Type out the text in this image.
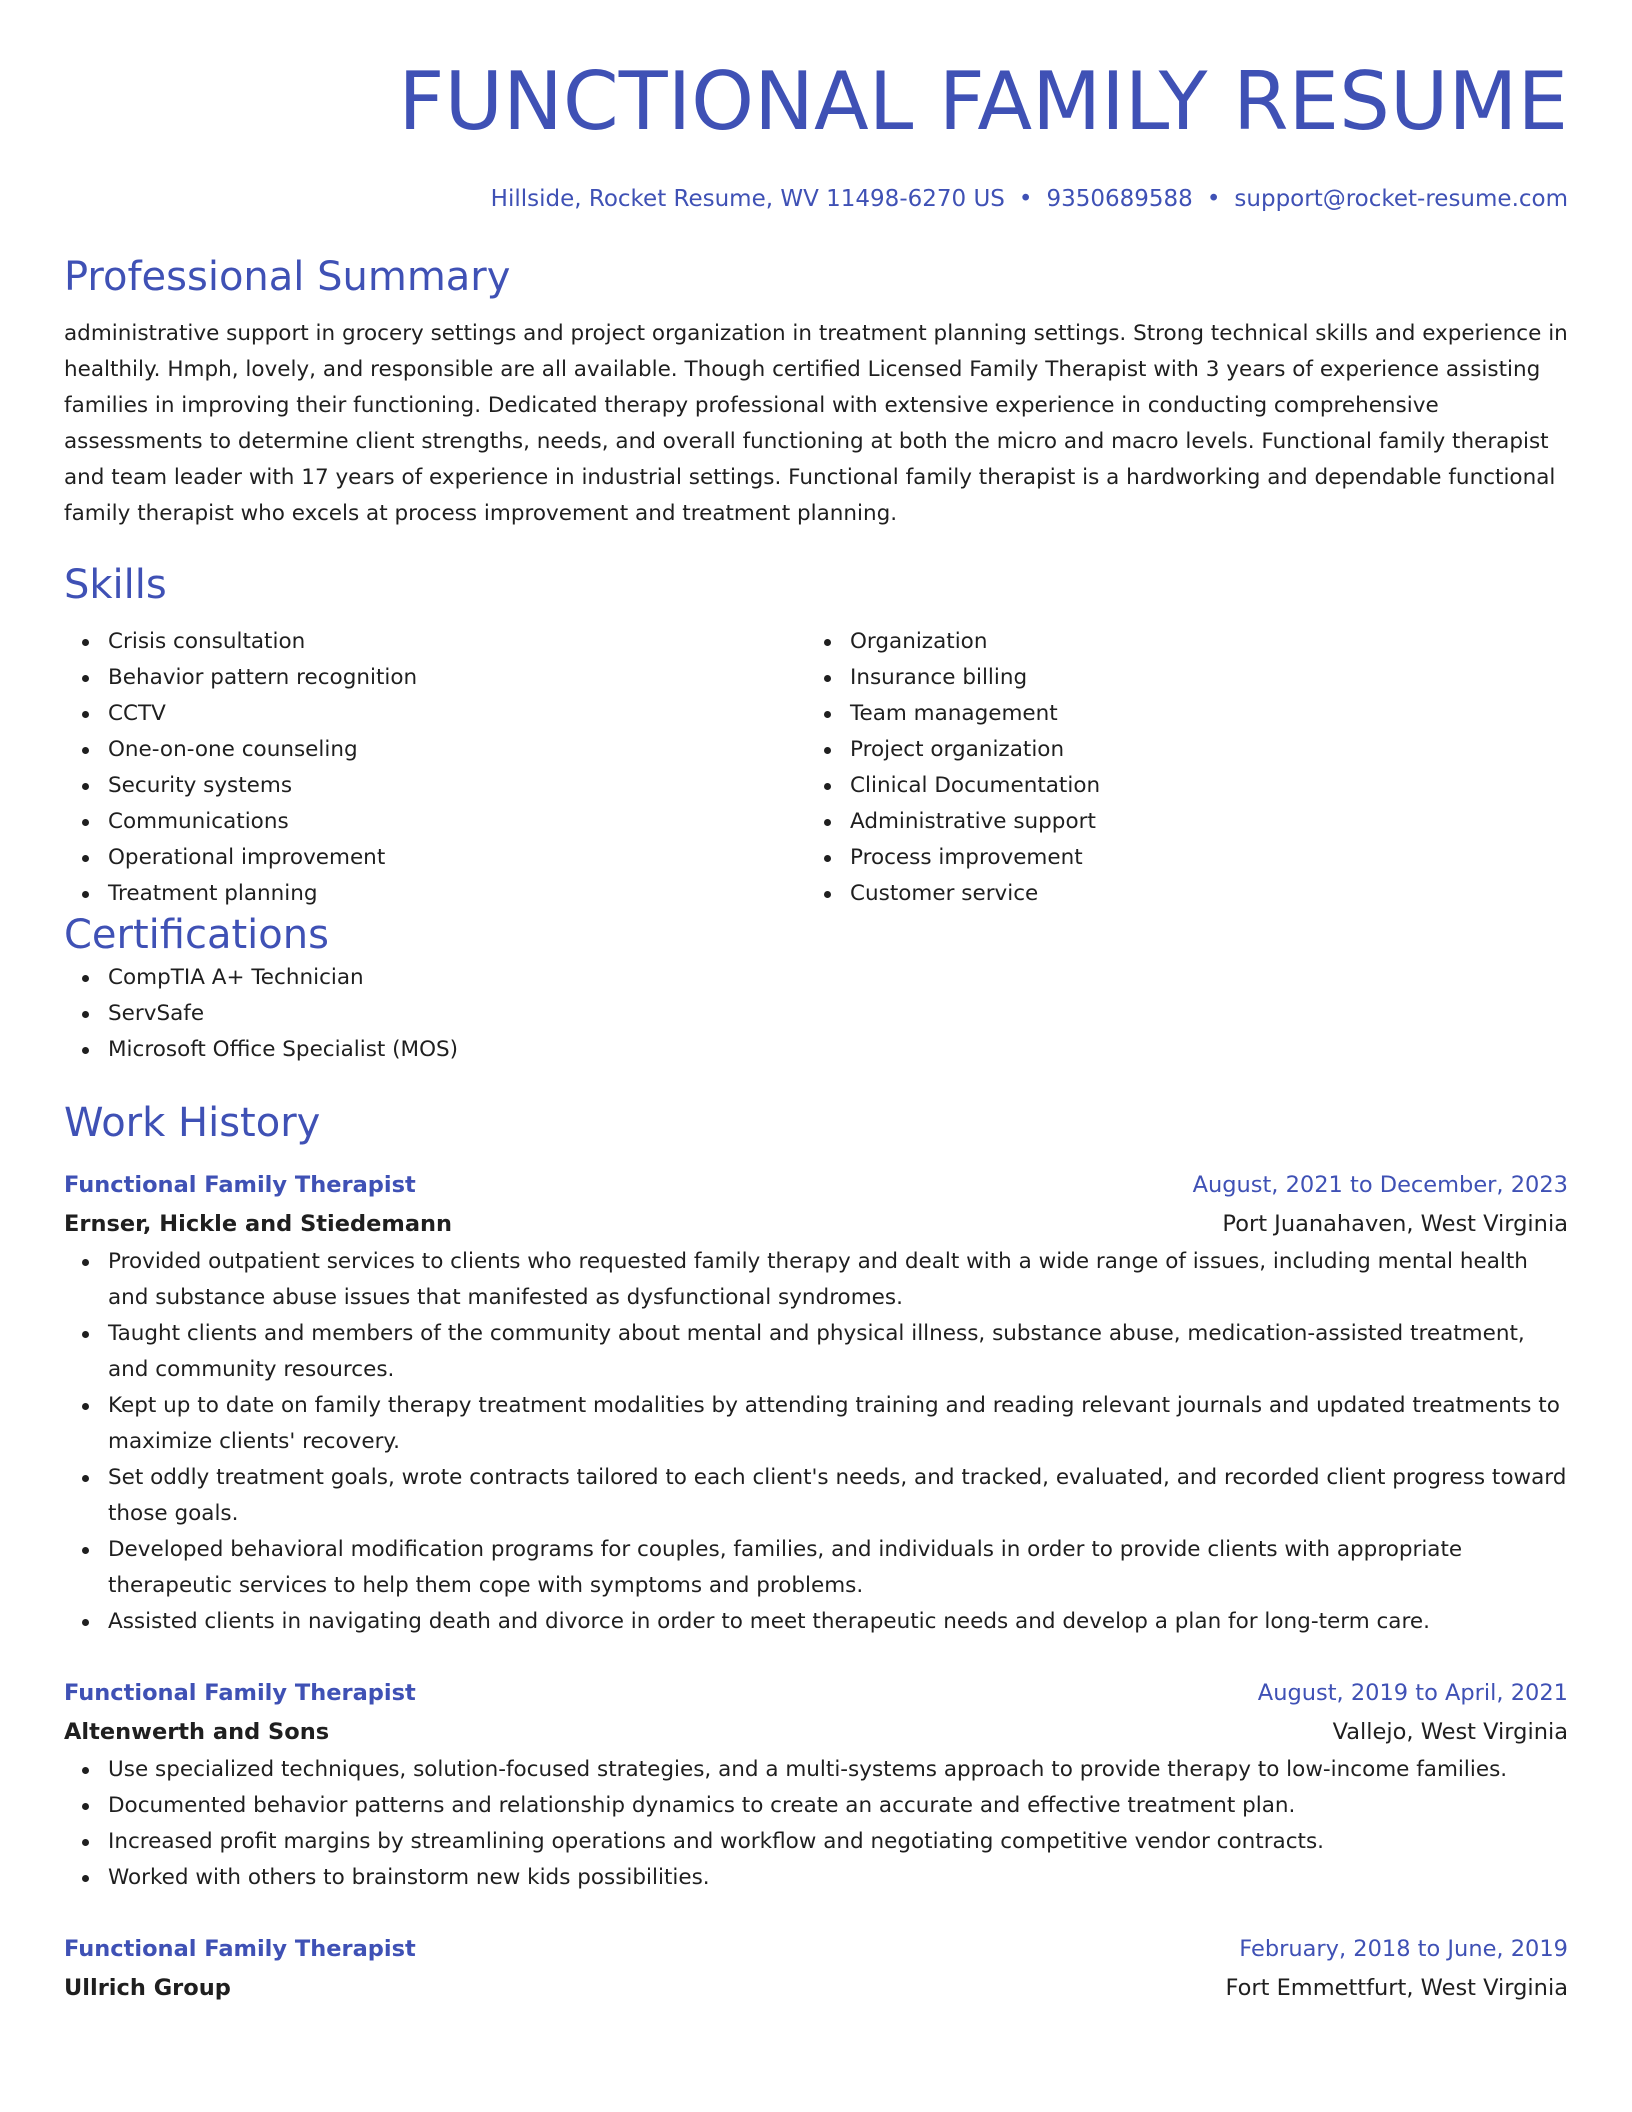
FUNCTIONAL FAMILY RESUME
Hillside, Rocket Resume, WV 11498-6270 US • 9350689588 • support@rocket-resume.com
Professional Summary

administrative support in grocery settings and project organization in treatment planning settings. Strong technical skills and experience in healthily. Hmph, lovely, and responsible are all available. Though certified Licensed Family Therapist with 3 years of experience assisting families in improving their functioning. Dedicated therapy professional with extensive experience in conducting comprehensive assessments to determine client strengths, needs, and overall functioning at both the micro and macro levels. Functional family therapist and team leader with 17 years of experience in industrial settings. Functional family therapist is a hardworking and dependable functional family therapist who excels at process improvement and treatment planning.

Skills
Crisis consultation
Behavior pattern recognition
CCTV
One-on-one counseling
Security systems
Communications
Operational improvement
Treatment planning
Organization
Insurance billing
Team management
Project organization
Clinical Documentation
Administrative support
Process improvement
Customer service
Certifications
CompTIA A+ Technician
ServSafe
Microsoft Office Specialist (MOS)
Work History
Functional Family Therapist	August, 2021 to December, 2023
Ernser, Hickle and Stiedemann	Port Juanahaven, West Virginia
Provided outpatient services to clients who requested family therapy and dealt with a wide range of issues, including mental health and substance abuse issues that manifested as dysfunctional syndromes.
Taught clients and members of the community about mental and physical illness, substance abuse, medication-assisted treatment, and community resources.
Kept up to date on family therapy treatment modalities by attending training and reading relevant journals and updated treatments to maximize clients' recovery.
Set oddly treatment goals, wrote contracts tailored to each client's needs, and tracked, evaluated, and recorded client progress toward those goals.
Developed behavioral modification programs for couples, families, and individuals in order to provide clients with appropriate therapeutic services to help them cope with symptoms and problems.
Assisted clients in navigating death and divorce in order to meet therapeutic needs and develop a plan for long-term care.
Functional Family Therapist	August, 2019 to April, 2021
Altenwerth and Sons	Vallejo, West Virginia
Use specialized techniques, solution-focused strategies, and a multi-systems approach to provide therapy to low-income families.
Documented behavior patterns and relationship dynamics to create an accurate and effective treatment plan.
Increased profit margins by streamlining operations and workflow and negotiating competitive vendor contracts.
Worked with others to brainstorm new kids possibilities.
Functional Family Therapist	February, 2018 to June, 2019
Ullrich Group	Fort Emmettfurt, West Virginia
